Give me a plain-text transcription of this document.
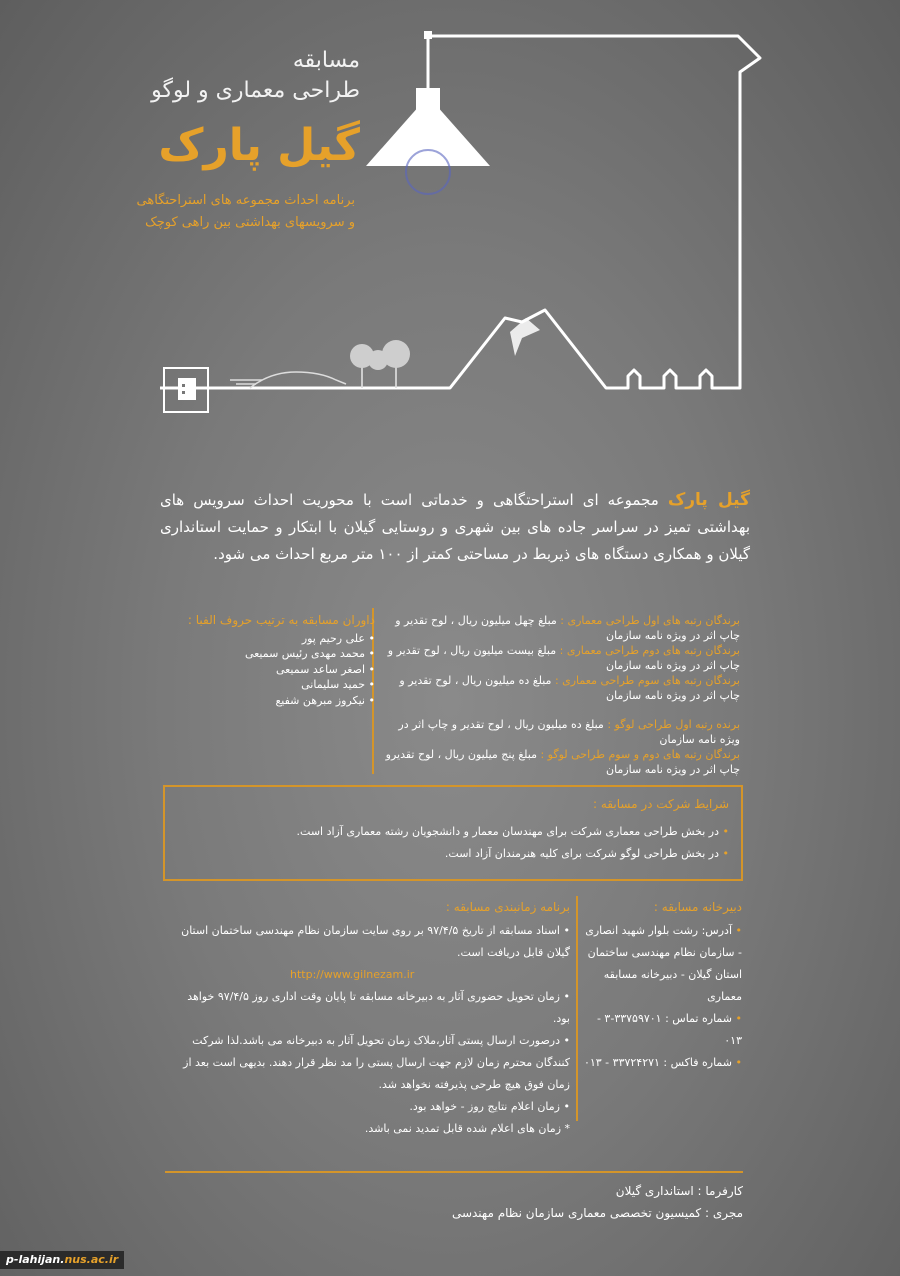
مسابقه
طراحی معماری و لوگو
گیل پارک
برنامه احداث مجموعه های استراحتگاهی
و سرویسهای بهداشتی بین راهی کوچک
گیل پارک مجموعه ای استراحتگاهی و خدماتی است با محوریت احداث سرویس های بهداشتی تمیز در سراسر جاده های بین شهری و روستایی گیلان با ابتکار و حمایت استانداری گیلان و همکاری دستگاه های ذیربط در مساحتی کمتر از ۱۰۰ متر مربع احداث می شود.
برندگان رتبه های اول طراحی معماری : مبلغ چهل میلیون ریال ، لوح تقدیر و چاپ اثر در ویژه نامه سازمان
برندگان رتبه های دوم طراحی معماری : مبلغ بیست میلیون ریال ، لوح تقدیر و چاپ اثر در ویژه نامه سازمان
برندگان رتبه های سوم طراحی معماری : مبلغ ده میلیون ریال ، لوح تقدیر و چاپ اثر در ویژه نامه سازمان
برنده رتبه اول طراحی لوگو : مبلغ ده میلیون ریال ، لوح تقدیر و چاپ اثر در ویژه نامه سازمان
برندگان رتبه های دوم و سوم طراحی لوگو : مبلغ پنج میلیون ریال ، لوح تقدیرو چاپ اثر در ویژه نامه سازمان
داوران مسابقه به ترتیب حروف الفبا :
• علی رحیم پور
• محمد مهدی رئیس سمیعی
• اصغر ساعد سمیعی
• حمید سلیمانی
• نیکروز مبرهن شفیع
شرایط شرکت در مسابقه :
• در بخش طراحی معماری شرکت برای مهندسان معمار و دانشجویان رشته معماری آزاد است.
• در بخش طراحی لوگو شرکت برای کلیه هنرمندان آزاد است.
دبیرخانه مسابقه :
• آدرس: رشت بلوار شهید انصاری - سازمان نظام مهندسی ساختمان استان گیلان - دبیرخانه مسابقه معماری
• شماره تماس : ۳۳۷۵۹۷۰۱-۳ - ۰۱۳
• شماره فاکس : ۳۳۷۲۴۲۷۱ - ۰۱۳
برنامه زمانبندی مسابقه :
• اسناد مسابقه از تاریخ ۹۷/۴/۵ بر روی سایت سازمان نظام مهندسی ساختمان استان گیلان قابل دریافت است.
http://www.gilnezam.ir
• زمان تحویل حضوری آثار به دبیرخانه مسابقه تا پایان وقت اداری روز ۹۷/۴/۵ خواهد بود.
• درصورت ارسال پستی آثار،ملاک زمان تحویل آثار به دبیرخانه می باشد.لذا شرکت کنندگان محترم زمان لازم جهت ارسال پستی را مد نظر قرار دهند. بدیهی است بعد از زمان فوق هیچ طرحی پذیرفته نخواهد شد.
• زمان اعلام نتایج روز - خواهد بود.
* زمان های اعلام شده قابل تمدید نمی باشد.
کارفرما : استانداری گیلان
مجری : کمیسیون تخصصی معماری سازمان نظام مهندسی
p-lahijan.nus.ac.ir
